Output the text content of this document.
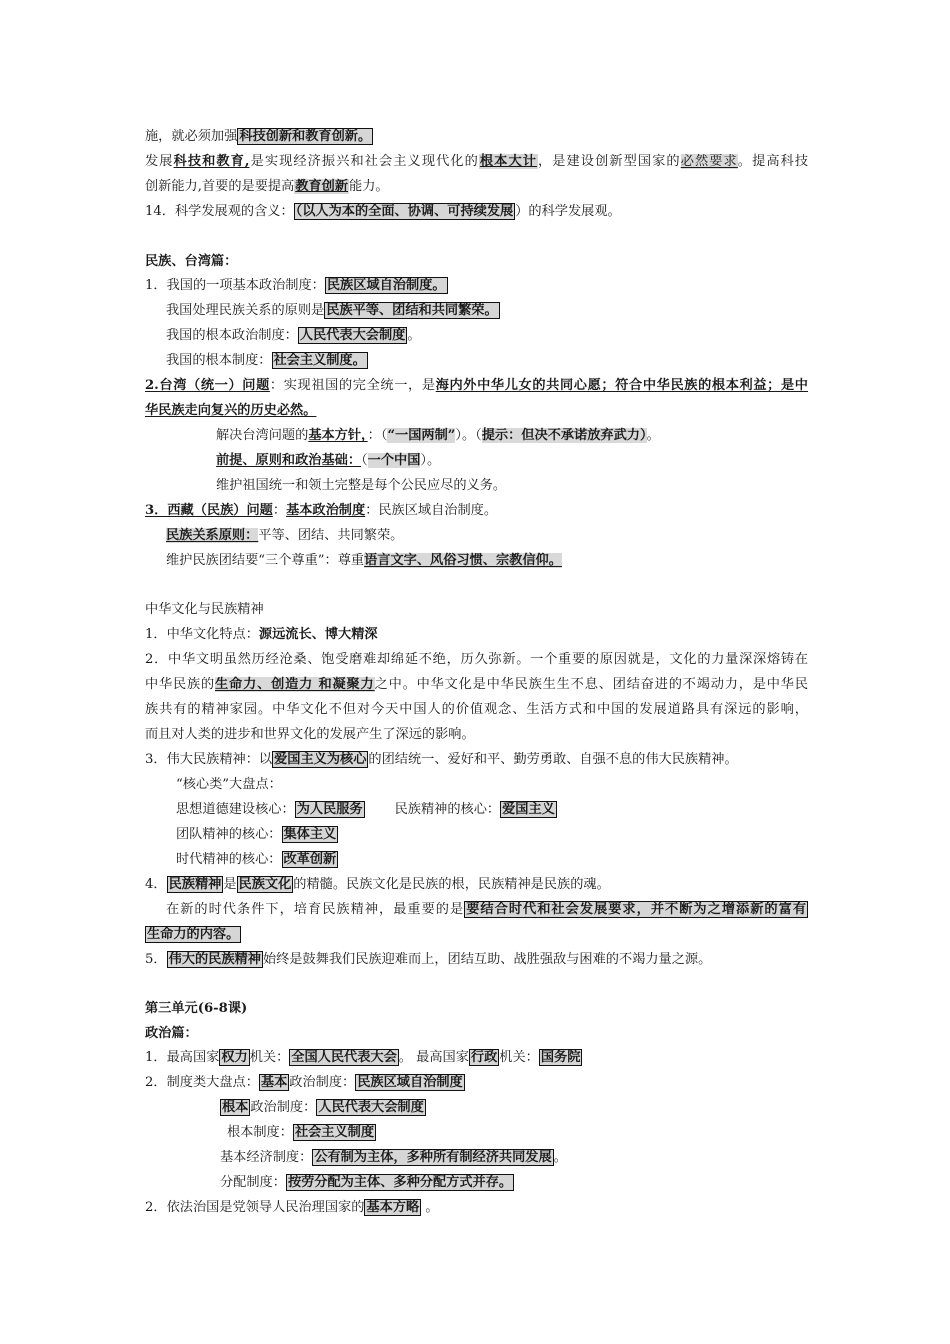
施，就必须加强 科技创新和教育创新。
发展科技和教育,是实现经济振兴和社会主义现代化的根本大计，是建设创新型国家的必然要求。提高科技
创新能力,首要的是要提高教育创新能力。
14．科学发展观的含义： （以人为本的全面、协调、可持续发展 ）的科学发展观。
民族、台湾篇：
1．我国的一项基本政治制度： 民族区域自治制度。
我国处理民族关系的原则是 民族平等、团结和共同繁荣。
我国的根本政治制度： 人民代表大会制度 。
我国的根本制度： 社会主义制度。
2.台湾（统一）问题：实现祖国的完全统一，是海内外中华儿女的共同心愿；符合中华民族的根本利益；是中
华民族走向复兴的历史必然。
解决台湾问题的基本方针，：（“一国两制”）。（提示：但决不承诺放弃武力）。
前提、原则和政治基础：（一个中国）。
维护祖国统一和领土完整是每个公民应尽的义务。
3．西藏（民族）问题：基本政治制度：民族区域自治制度。
民族关系原则：平等、团结、共同繁荣。
维护民族团结要“三个尊重”：尊重语言文字、风俗习惯、宗教信仰。
中华文化与民族精神
1．中华文化特点：源远流长、博大精深
2．中华文明虽然历经沧桑、饱受磨难却绵延不绝，历久弥新。一个重要的原因就是，文化的力量深深熔铸在
中华民族的生命力、创造力 和凝聚力之中。中华文化是中华民族生生不息、团结奋进的不竭动力，是中华民
族共有的精神家园。中华文化不但对今天中国人的价值观念、生活方式和中国的发展道路具有深远的影响，
而且对人类的进步和世界文化的发展产生了深远的影响。
3．伟大民族精神：以 爱国主义为核心 的团结统一、爱好和平、勤劳勇敢、自强不息的伟大民族精神。
“核心类”大盘点：
思想道德建设核心： 为人民服务 民族精神的核心： 爱国主义
团队精神的核心： 集体主义
时代精神的核心： 改革创新
4． 民族精神 是 民族文化 的精髓。民族文化是民族的根，民族精神是民族的魂。
在新的时代条件下，培育民族精神，最重要的是 要结合时代和社会发展要求，并不断为之增添新的富有
生命力的内容。
5． 伟大的民族精神 始终是鼓舞我们民族迎难而上，团结互助、战胜强敌与困难的不竭力量之源。
第三单元(6-8课)
政治篇：
1．最高国家 权力 机关： 全国人民代表大会 。 最高国家 行政 机关： 国务院
2．制度类大盘点： 基本 政治制度： 民族区域自治制度
根本 政治制度： 人民代表大会制度
根本制度： 社会主义制度
基本经济制度： 公有制为主体，多种所有制经济共同发展 。
分配制度： 按劳分配为主体、多种分配方式并存。
2．依法治国是党领导人民治理国家的 基本方略 。
